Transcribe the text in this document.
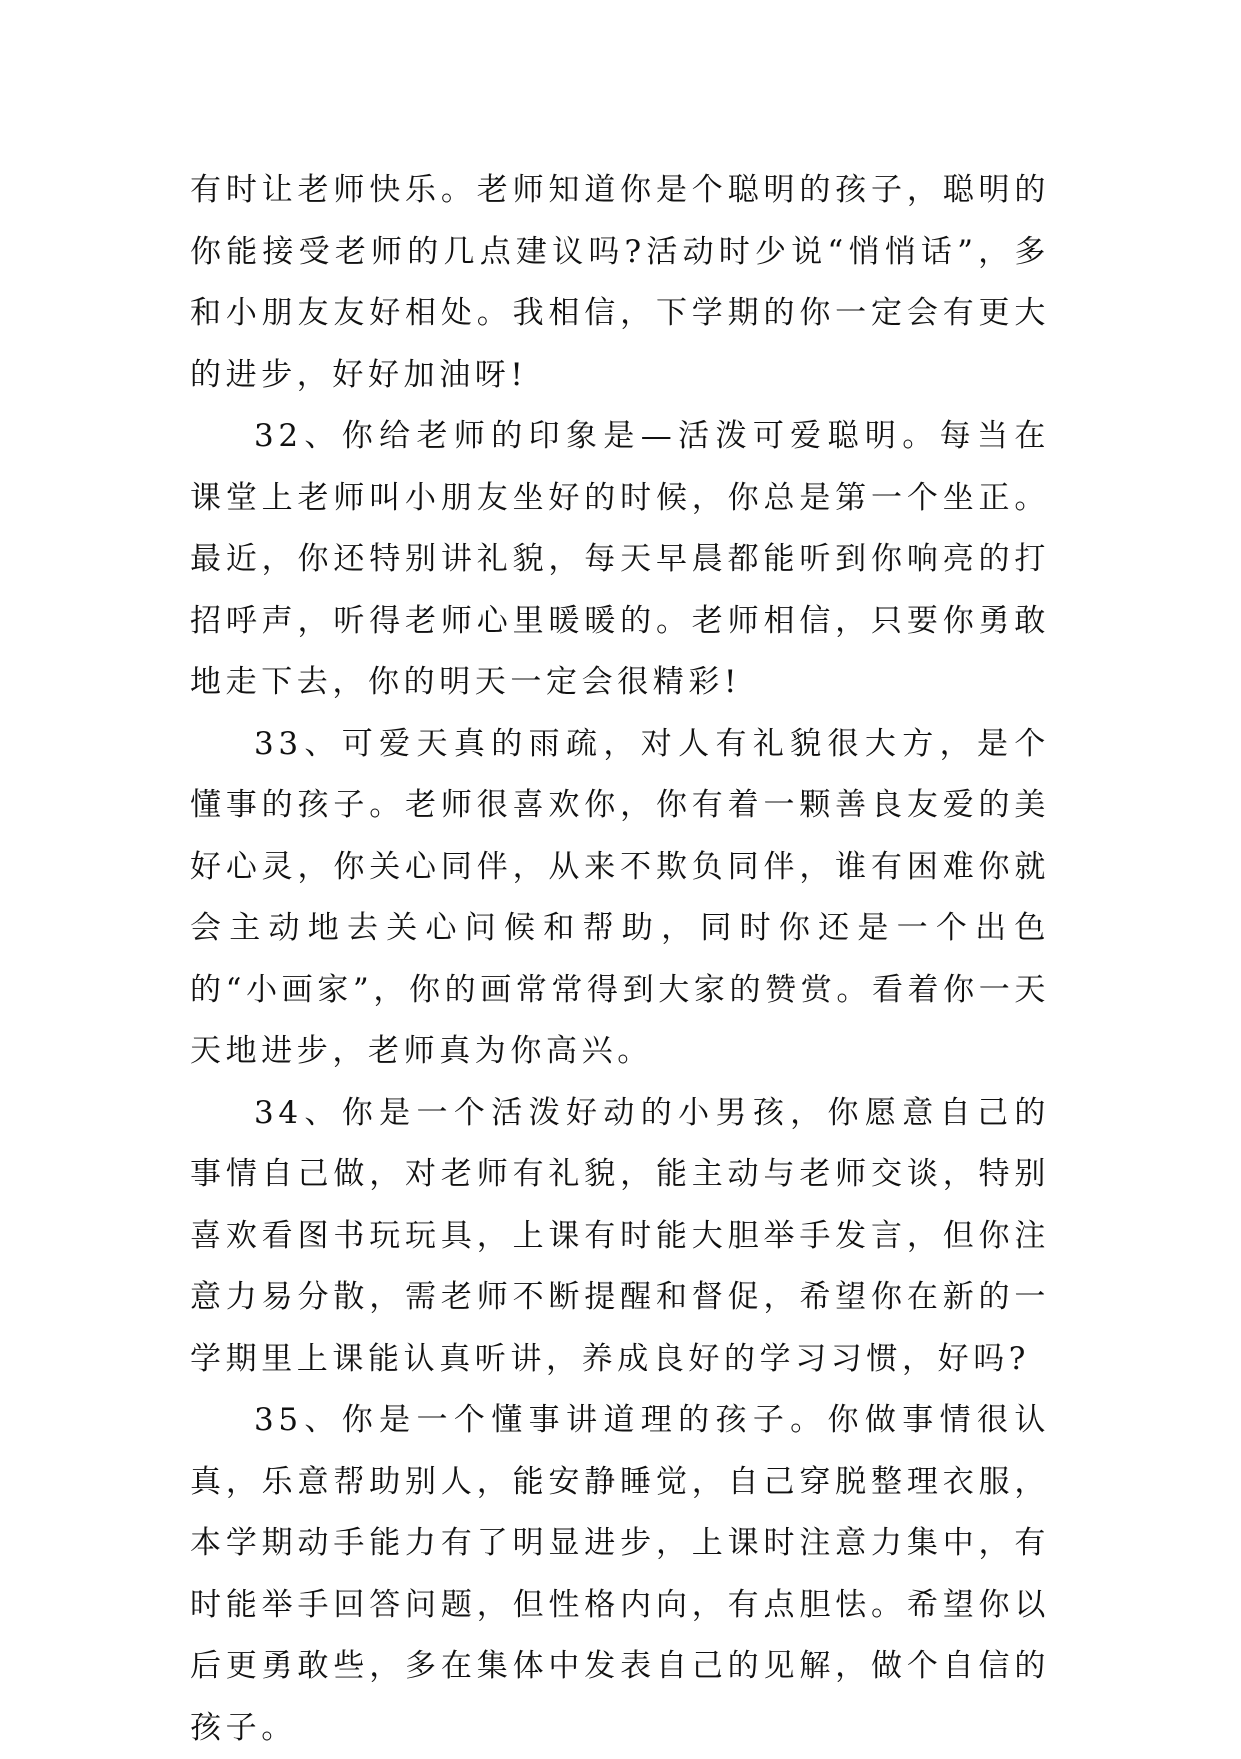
有时让老师快乐。老师知道你是个聪明的孩子，聪明的你能接受老师的几点建议吗?活动时少说“悄悄话”，多和小朋友友好相处。我相信，下学期的你一定会有更大的进步，好好加油呀!

32、你给老师的印象是—活泼可爱聪明。每当在课堂上老师叫小朋友坐好的时候，你总是第一个坐正。最近，你还特别讲礼貌，每天早晨都能听到你响亮的打招呼声，听得老师心里暖暖的。老师相信，只要你勇敢地走下去，你的明天一定会很精彩!

33、可爱天真的雨疏，对人有礼貌很大方，是个懂事的孩子。老师很喜欢你，你有着一颗善良友爱的美好心灵，你关心同伴，从来不欺负同伴，谁有困难你就会主动地去关心问候和帮助，同时你还是一个出色的“小画家”，你的画常常得到大家的赞赏。看着你一天天地进步，老师真为你高兴。

34、你是一个活泼好动的小男孩，你愿意自己的事情自己做，对老师有礼貌，能主动与老师交谈，特别喜欢看图书玩玩具，上课有时能大胆举手发言，但你注意力易分散，需老师不断提醒和督促，希望你在新的一学期里上课能认真听讲，养成良好的学习习惯，好吗?

35、你是一个懂事讲道理的孩子。你做事情很认真，乐意帮助别人，能安静睡觉，自己穿脱整理衣服，本学期动手能力有了明显进步，上课时注意力集中，有时能举手回答问题，但性格内向，有点胆怯。希望你以后更勇敢些，多在集体中发表自己的见解，做个自信的孩子。
